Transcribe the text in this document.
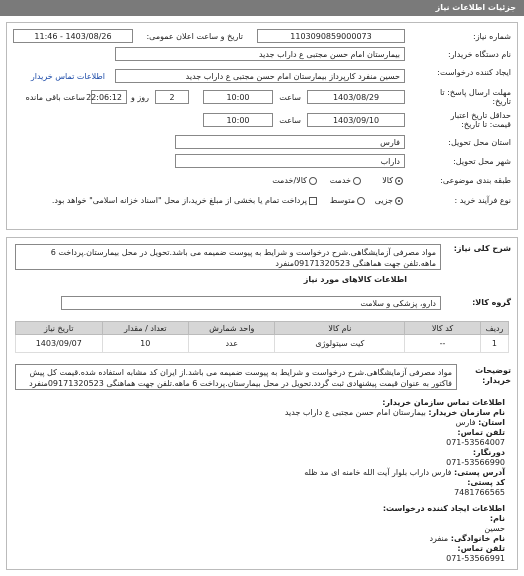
جزئیات اطلاعات نیاز
شماره نیاز:
1103090859000073
تاریخ و ساعت اعلان عمومی:
1403/08/26 - 11:46
نام دستگاه خریدار:
بیمارستان امام حسن مجتبی ع داراب جدید
ایجاد کننده درخواست:
حسین منفرد کارپرداز بیمارستان امام حسن مجتبی ع داراب جدید
اطلاعات تماس خریدار
مهلت ارسال پاسخ: تا تاریخ:
1403/08/29
ساعت
10:00
2
روز و
22:06:12
ساعت باقی مانده
حداقل تاریخ اعتبار قیمت: تا تاریخ:
1403/09/10
ساعت
10:00
استان محل تحویل:
فارس
شهر محل تحویل:
داراب
طبقه بندی موضوعی:
کالا
خدمت
کالا/خدمت
نوع فرآیند خرید :
جزیی
متوسط
پرداخت تمام یا بخشی از مبلغ خرید،از محل "اسناد خزانه اسلامی" خواهد بود.
شرح کلی نیاز:
مواد مصرفی آزمایشگاهی.شرح درخواست و شرایط به پیوست ضمیمه می باشد.تحویل در محل بیمارستان.پرداخت 6 ماهه.تلفن جهت هماهنگی 09171320523منفرد
اطلاعات کالاهای مورد نیاز
گروه کالا:
دارو، پزشکی و سلامت
ردیف	کد کالا	نام کالا	واحد شمارش	تعداد / مقدار	تاریخ نیاز
1	--	کیت سیتولوژی	عدد	10	1403/09/07
توضیحات خریدار:
مواد مصرفی آزمایشگاهی.شرح درخواست و شرایط به پیوست ضمیمه می باشد.از ایران کد مشابه استفاده شده.قیمت کل پیش فاکتور به عنوان قیمت پیشنهادی ثبت گردد.تحویل در محل بیمارستان.پرداخت 6 ماهه.تلفن جهت هماهنگی 09171320523منفرد
اطلاعات تماس سازمان خریدار:
نام سازمان خریدار: بیمارستان امام حسن مجتبی ع داراب جدید
استان: فارس
تلفن تماس:
071-53564007
دورنگار:
071-53566990
آدرس پستی: فارس داراب بلوار آیت الله خامنه ای مد ظله
کد پستی:
7481766565
اطلاعات ایجاد کننده درخواست:
نام:
حسین
نام خانوادگی: منفرد
تلفن تماس:
071-53566991
